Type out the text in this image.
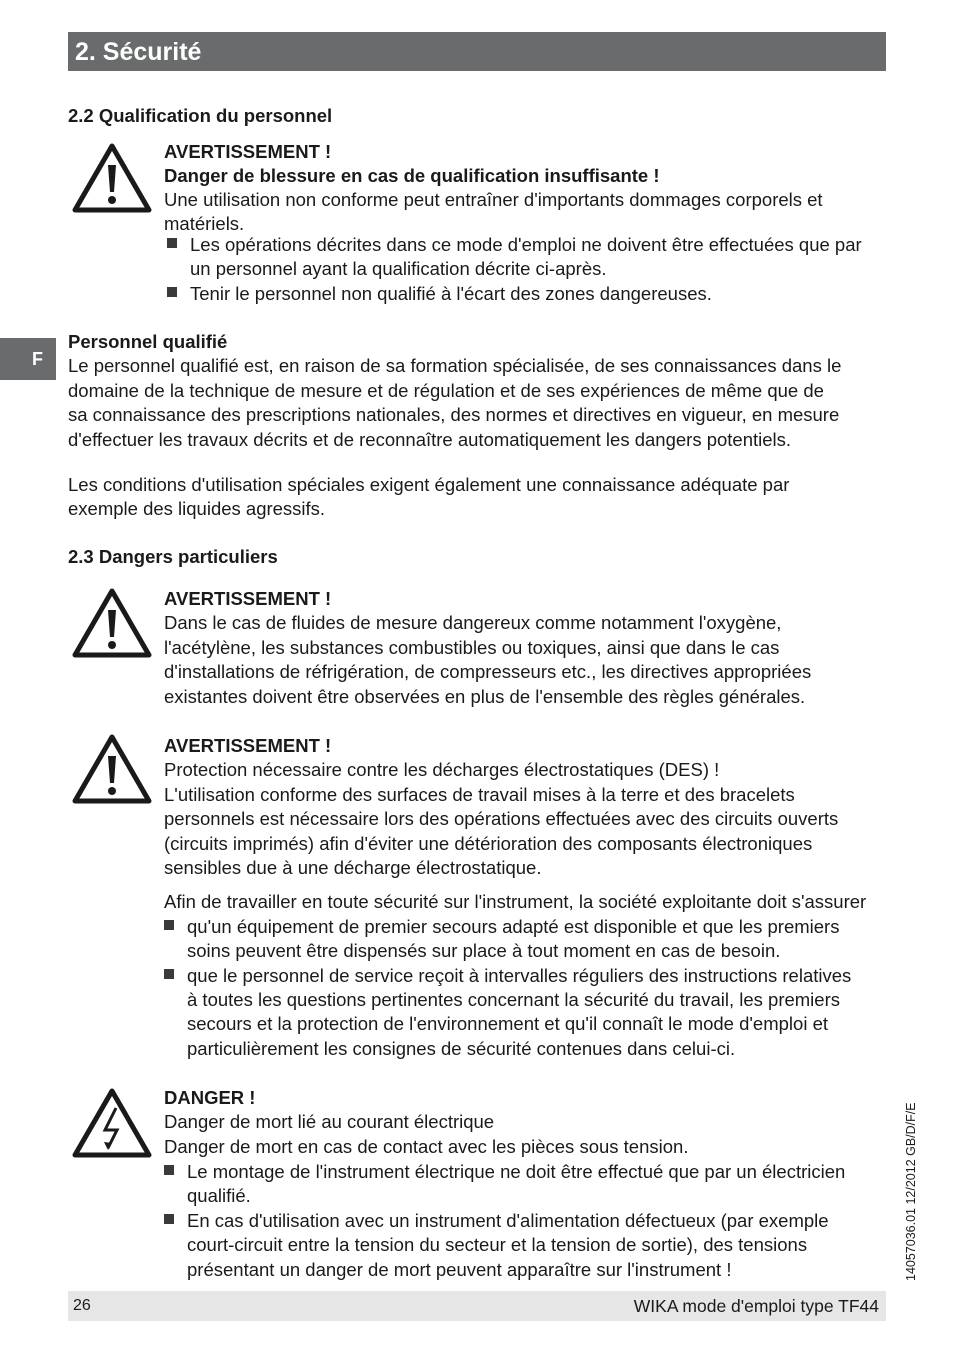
2. Sécurité
F
2.2 Qualification du personnel
AVERTISSEMENT !
Danger de blessure en cas de qualification insuffisante !
Une utilisation non conforme peut entraîner d'importants dommages corporels et
matériels.
Les opérations décrites dans ce mode d'emploi ne doivent être effectuées que par
un personnel ayant la qualification décrite ci-après.
Tenir le personnel non qualifié à l'écart des zones dangereuses.
Personnel qualifié
Le personnel qualifié est, en raison de sa formation spécialisée, de ses connaissances dans le
domaine de la technique de mesure et de régulation et de ses expériences de même que de
sa connaissance des prescriptions nationales, des normes et directives en vigueur, en mesure
d'effectuer les travaux décrits et de reconnaître automatiquement les dangers potentiels.
Les conditions d'utilisation spéciales exigent également une connaissance adéquate par
exemple des liquides agressifs.
2.3 Dangers particuliers
AVERTISSEMENT !
Dans le cas de fluides de mesure dangereux comme notamment l'oxygène,
l'acétylène, les substances combustibles ou toxiques, ainsi que dans le cas
d'installations de réfrigération, de compresseurs etc., les directives appropriées
existantes doivent être observées en plus de l'ensemble des règles générales.
AVERTISSEMENT !
Protection nécessaire contre les décharges électrostatiques (DES) !
L'utilisation conforme des surfaces de travail mises à la terre et des bracelets
personnels est nécessaire lors des opérations effectuées avec des circuits ouverts
(circuits imprimés) afin d'éviter une détérioration des composants électroniques
sensibles due à une décharge électrostatique.
Afin de travailler en toute sécurité sur l'instrument, la société exploitante doit s'assurer
qu'un équipement de premier secours adapté est disponible et que les premiers
soins peuvent être dispensés sur place à tout moment en cas de besoin.
que le personnel de service reçoit à intervalles réguliers des instructions relatives
à toutes les questions pertinentes concernant la sécurité du travail, les premiers
secours et la protection de l'environnement et qu'il connaît le mode d'emploi et
particulièrement les consignes de sécurité contenues dans celui-ci.
DANGER !
Danger de mort lié au courant électrique
Danger de mort en cas de contact avec les pièces sous tension.
Le montage de l'instrument électrique ne doit être effectué que par un électricien
qualifié.
En cas d'utilisation avec un instrument d'alimentation défectueux (par exemple
court-circuit entre la tension du secteur et la tension de sortie), des tensions
présentant un danger de mort peuvent apparaître sur l'instrument !	14057036.01 12/2012 GB/D/F/E
26	WIKA mode d'emploi type TF44
